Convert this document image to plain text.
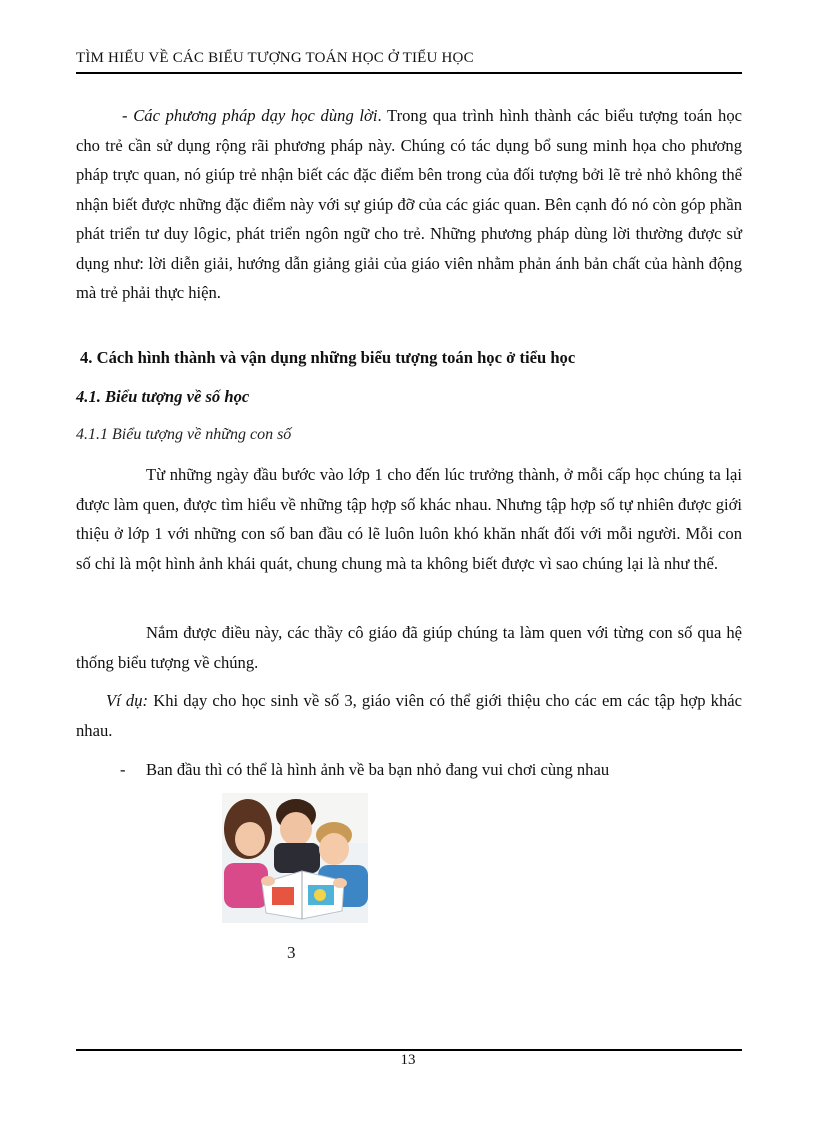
TÌM HIỂU VỀ CÁC BIỂU TƯỢNG TOÁN HỌC Ở TIỂU HỌC
- Các phương pháp dạy học dùng lời. Trong qua trình hình thành các biểu tượng toán học cho trẻ cần sử dụng rộng rãi phương pháp này. Chúng có tác dụng bổ sung minh họa cho phương pháp trực quan, nó giúp trẻ nhận biết các đặc điểm bên trong của đối tượng bởi lẽ trẻ nhỏ không thể nhận biết được những đặc điểm này với sự giúp đỡ của các giác quan. Bên cạnh đó nó còn góp phần phát triển tư duy lôgic, phát triển ngôn ngữ cho trẻ. Những phương pháp dùng lời thường được sử dụng như: lời diễn giải, hướng dẫn giảng giải của giáo viên nhằm phản ánh bản chất của hành động mà trẻ phải thực hiện.
4. Cách hình thành và vận dụng những biểu tượng toán học ở tiểu học
4.1. Biểu tượng về số học
4.1.1 Biểu tượng về những con số
Từ những ngày đầu bước vào lớp 1 cho đến lúc trưởng thành, ở mỗi cấp học chúng ta lại được làm quen, được tìm hiểu về những tập hợp số khác nhau. Nhưng tập hợp số tự nhiên được giới thiệu ở lớp 1 với những con số ban đầu có lẽ luôn luôn khó khăn nhất đối với mỗi người. Mỗi con số chỉ là một hình ảnh khái quát, chung chung mà ta không biết được vì sao chúng lại là như thế.
Nắm được điều này, các thầy cô giáo đã giúp chúng ta làm quen với từng con số qua hệ thống biểu tượng về chúng.
Ví dụ: Khi dạy cho học sinh về số 3, giáo viên có thể giới thiệu cho các em các tập hợp khác nhau.
- Ban đầu thì có thể là hình ảnh về ba bạn nhỏ đang vui chơi cùng nhau
3
13
